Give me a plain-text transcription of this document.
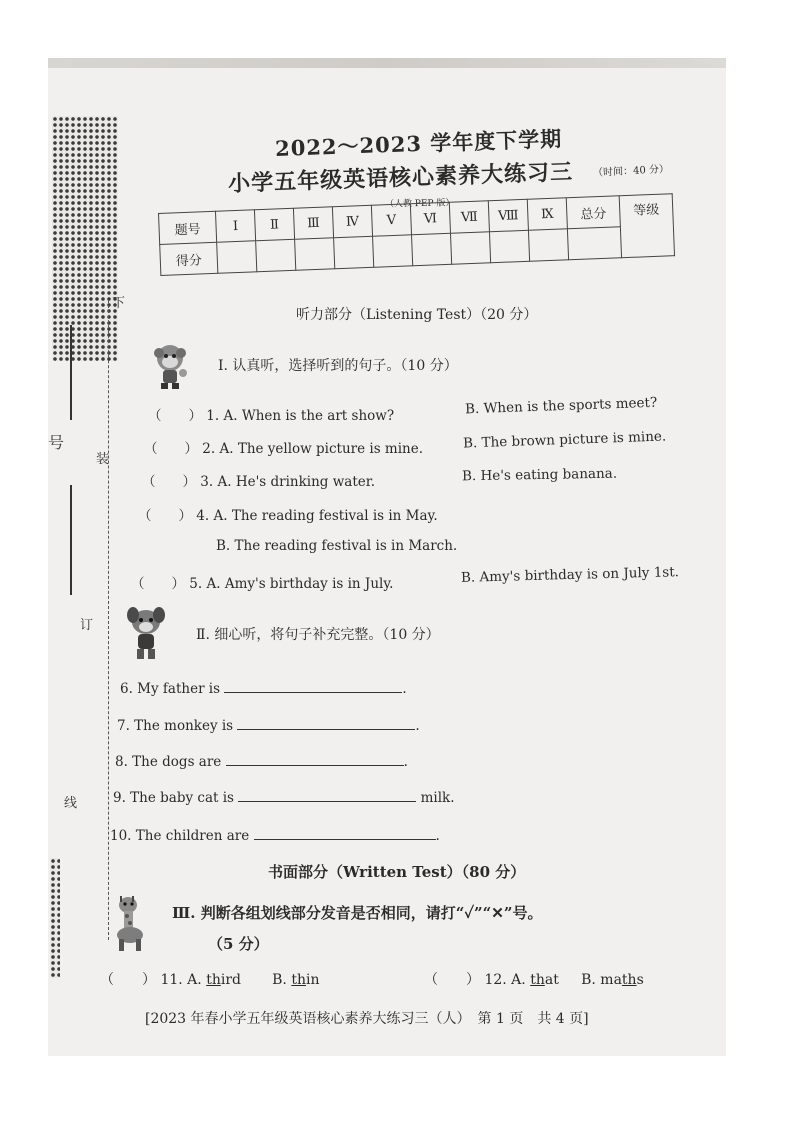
号
下
装
订
线
2022～2023 学年度下学期
小学五年级英语核心素养大练习三 （时间：40 分）
（人教 PEP 版）
题号	Ⅰ	Ⅱ	Ⅲ	Ⅳ	Ⅴ	Ⅵ	Ⅶ	Ⅷ	Ⅸ	总分	等级
得分											
听力部分（Listening Test）（20 分）
Ⅰ. 认真听，选择听到的句子。（10 分）
（　　） 1. A. When is the art show?	B. When is the sports meet?
（　　） 2. A. The yellow picture is mine.	B. The brown picture is mine.
（　　） 3. A. He's drinking water.	B. He's eating banana.
（　　） 4. A. The reading festival is in May.
B. The reading festival is in March.
（　　） 5. A. Amy's birthday is in July.	B. Amy's birthday is on July 1st.
Ⅱ. 细心听，将句子补充完整。（10 分）
6. My father is	.
7. The monkey is	.
8. The dogs are	.
9. The baby cat is	milk.
10. The children are	.
书面部分（Written Test）（80 分）
Ⅲ. 判断各组划线部分发音是否相同，请打“✓”“✕”号。
（5 分）
（　　） 11. A. third B. thin	（　　） 12. A. that B. maths
[2023 年春小学五年级英语核心素养大练习三（人）　第 1 页　共 4 页]
